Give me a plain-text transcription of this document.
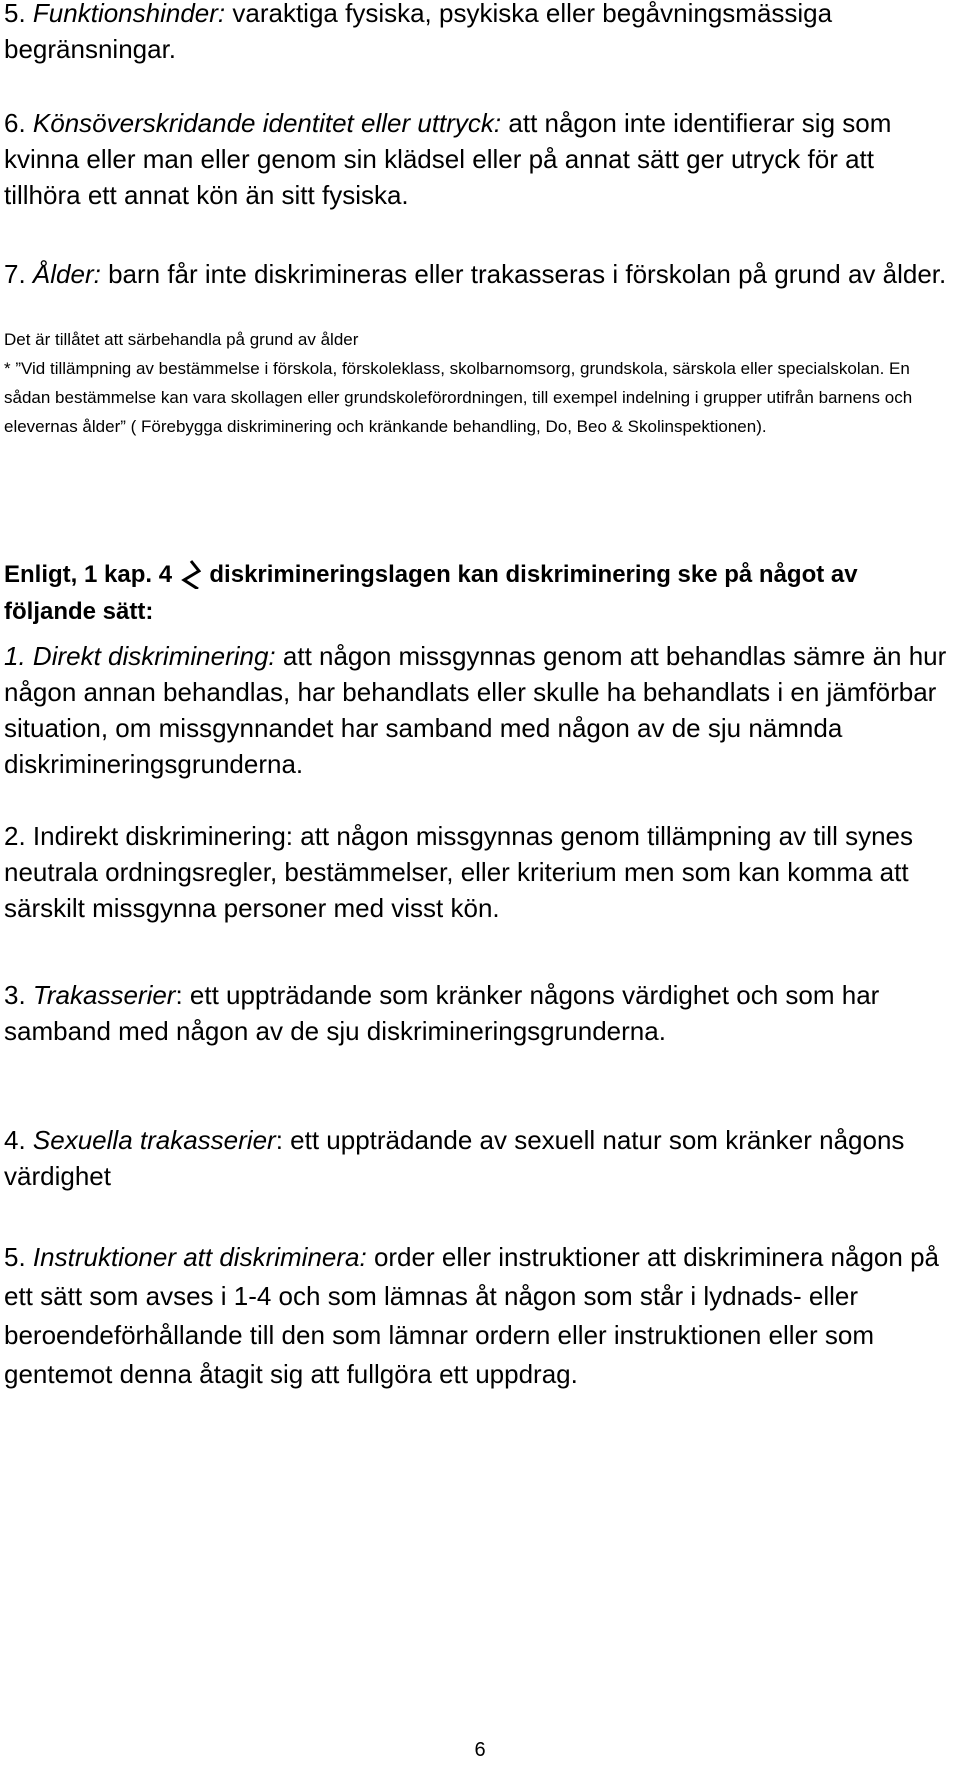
5. Funktionshinder: varaktiga fysiska, psykiska eller begåvningsmässiga begränsningar.

6. Könsöverskridande identitet eller uttryck: att någon inte identifierar sig som kvinna eller man eller genom sin klädsel eller på annat sätt ger utryck för att tillhöra ett annat kön än sitt fysiska.

7. Ålder: barn får inte diskrimineras eller trakasseras i förskolan på grund av ålder.

Det är tillåtet att särbehandla på grund av ålder

* ”Vid tillämpning av bestämmelse i förskola, förskoleklass, skolbarnomsorg, grundskola, särskola eller specialskolan. En sådan bestämmelse kan vara skollagen eller grundskoleförordningen, till exempel indelning i grupper utifrån barnens och elevernas ålder” ( Förebygga diskriminering och kränkande behandling, Do, Beo & Skolinspektionen).

Enligt, 1 kap. 4 diskrimineringslagen kan diskriminering ske på något av följande sätt:

1. Direkt diskriminering: att någon missgynnas genom att behandlas sämre än hur någon annan behandlas, har behandlats eller skulle ha behandlats i en jämförbar situation, om missgynnandet har samband med någon av de sju nämnda diskrimineringsgrunderna.

2. Indirekt diskriminering: att någon missgynnas genom tillämpning av till synes neutrala ordningsregler, bestämmelser, eller kriterium men som kan komma att särskilt missgynna personer med visst kön.

3. Trakasserier: ett uppträdande som kränker någons värdighet och som har samband med någon av de sju diskrimineringsgrunderna.

4. Sexuella trakasserier: ett uppträdande av sexuell natur som kränker någons värdighet

5. Instruktioner att diskriminera: order eller instruktioner att diskriminera någon på ett sätt som avses i 1-4 och som lämnas åt någon som står i lydnads- eller beroendeförhållande till den som lämnar ordern eller instruktionen eller som gentemot denna åtagit sig att fullgöra ett uppdrag.

6
